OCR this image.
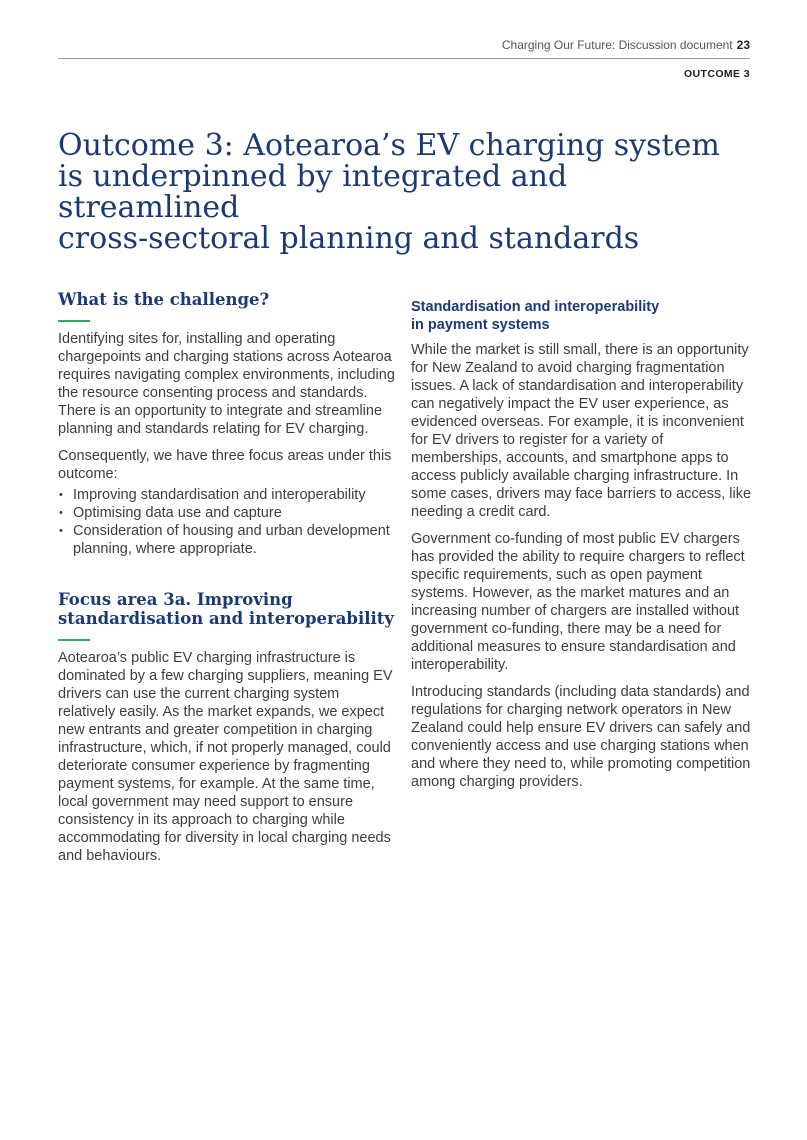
Charging Our Future: Discussion document 23
OUTCOME 3
Outcome 3: Aotearoa’s EV charging system
is underpinned by integrated and streamlined
cross-sectoral planning and standards
What is the challenge?

Identifying sites for, installing and operating chargepoints and charging stations across Aotearoa requires navigating complex environments, including the resource consenting process and standards. There is an opportunity to integrate and streamline planning and standards relating for EV charging.

Consequently, we have three focus areas under this outcome:

• Improving standardisation and interoperability
• Optimising data use and capture
• Consideration of housing and urban development planning, where appropriate.
Focus area 3a. Improving
standardisation and interoperability

Aotearoa’s public EV charging infrastructure is dominated by a few charging suppliers, meaning EV drivers can use the current charging system relatively easily. As the market expands, we expect new entrants and greater competition in charging infrastructure, which, if not properly managed, could deteriorate consumer experience by fragmenting payment systems, for example. At the same time, local government may need support to ensure consistency in its approach to charging while accommodating for diversity in local charging needs and behaviours.

Standardisation and interoperability
in payment systems

While the market is still small, there is an opportunity for New Zealand to avoid charging fragmentation issues. A lack of standardisation and interoperability can negatively impact the EV user experience, as evidenced overseas. For example, it is inconvenient for EV drivers to register for a variety of memberships, accounts, and smartphone apps to access publicly available charging infrastructure. In some cases, drivers may face barriers to access, like needing a credit card.

Government co-funding of most public EV chargers has provided the ability to require chargers to reflect specific requirements, such as open payment systems. However, as the market matures and an increasing number of chargers are installed without government co-funding, there may be a need for additional measures to ensure standardisation and interoperability.

Introducing standards (including data standards) and regulations for charging network operators in New Zealand could help ensure EV drivers can safely and conveniently access and use charging stations when and where they need to, while promoting competition among charging providers.
